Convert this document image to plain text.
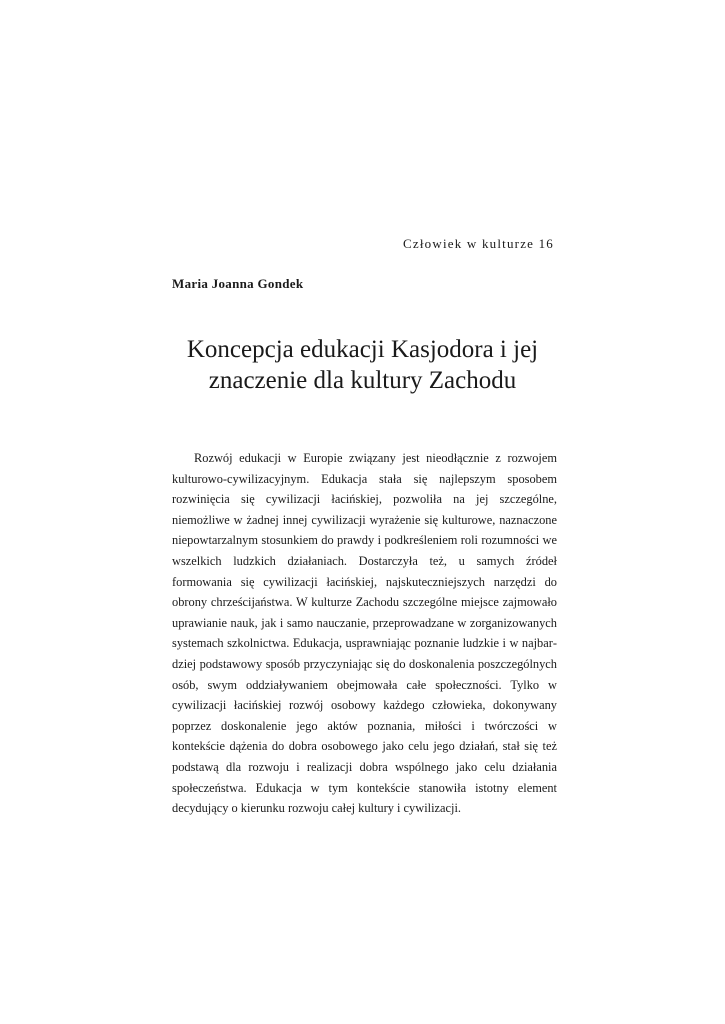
Człowiek w kulturze 16
Maria Joanna Gondek
Koncepcja edukacji Kasjodora i jej znaczenie dla kultury Zachodu

Rozwój edukacji w Europie związany jest nieodłącznie z rozwojem kulturowo-cywilizacyjnym. Edukacja stała się najlepszym sposobem rozwinięcia się cywilizacji łacińskiej, pozwoliła na jej szczególne, niemożliwe w żadnej innej cywilizacji wyrażenie się kulturowe, naznaczone niepowtarzalnym stosunkiem do prawdy i podkreśleniem roli rozumności we wszelkich ludzkich działaniach. Dostarczyła też, u samych źródeł formowania się cywilizacji łacińskiej, najskuteczniejszych narzędzi do obrony chrześcijaństwa. W kulturze Zachodu szczególne miejsce zajmowało uprawianie nauk, jak i samo nauczanie, przeprowadzane w zorganizowanych systemach szkolnictwa. Edukacja, usprawniając poznanie ludzkie i w najbardziej podstawowy sposób przyczyniając się do doskonalenia poszczególnych osób, swym oddziaływaniem obejmowała całe społeczności. Tylko w cywilizacji łacińskiej rozwój osobowy każdego człowieka, dokonywany poprzez doskonalenie jego aktów poznania, miłości i twórczości w kontekście dążenia do dobra osobowego jako celu jego działań, stał się też podstawą dla rozwoju i realizacji dobra wspólnego jako celu działania społeczeństwa. Edukacja w tym kontekście stanowiła istotny element decydujący o kierunku rozwoju całej kultury i cywilizacji.
